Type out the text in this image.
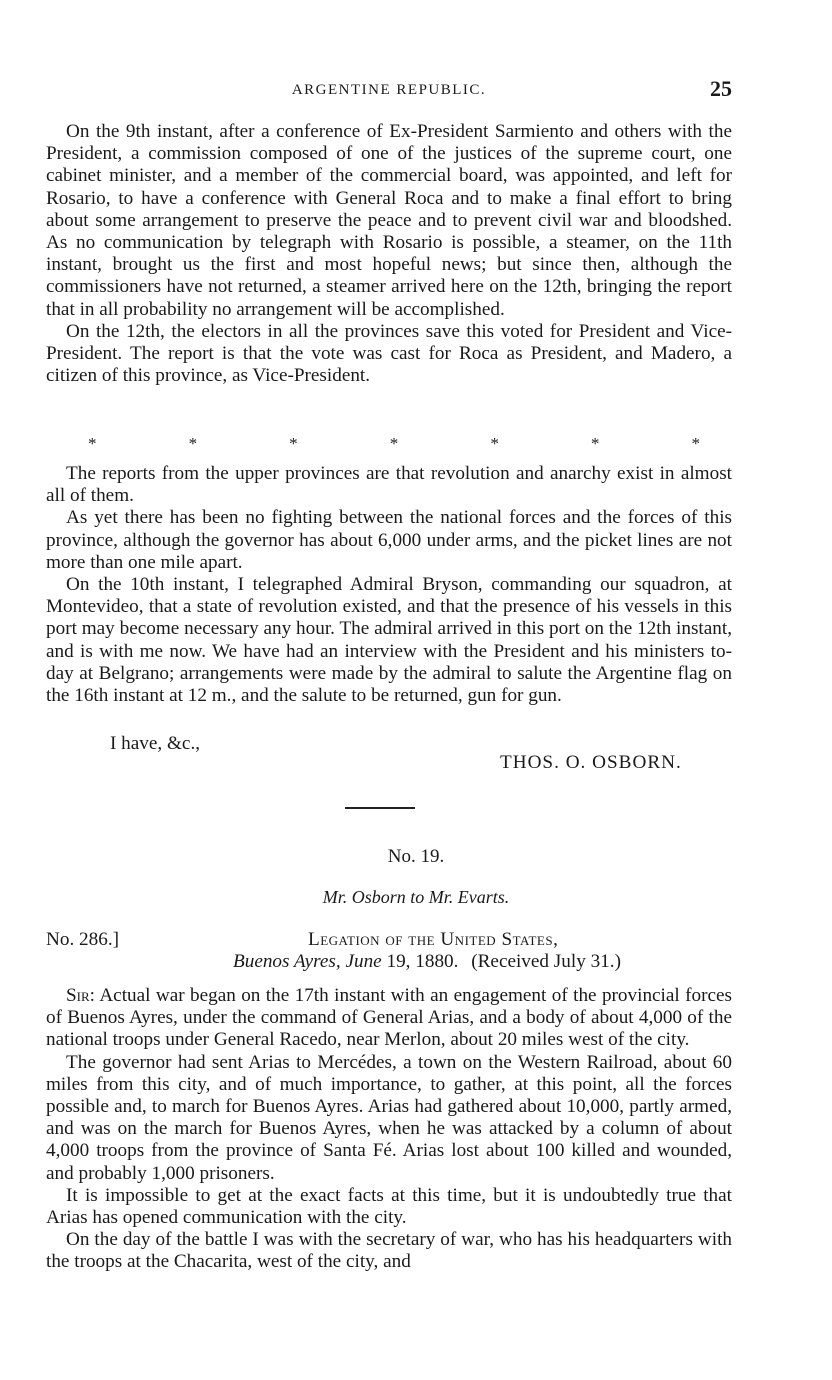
ARGENTINE REPUBLIC.	25

On the 9th instant, after a conference of Ex-President Sarmiento and others with the President, a commission composed of one of the justices of the supreme court, one cabinet minister, and a member of the commercial board, was appointed, and left for Rosario, to have a conference with General Roca and to make a final effort to bring about some arrangement to preserve the peace and to prevent civil war and bloodshed. As no communication by telegraph with Rosario is possible, a steamer, on the 11th instant, brought us the first and most hopeful news; but since then, although the commissioners have not returned, a steamer arrived here on the 12th, bringing the report that in all probability no arrangement will be accomplished.

On the 12th, the electors in all the provinces save this voted for President and Vice-President. The report is that the vote was cast for Roca as President, and Madero, a citizen of this province, as Vice-President.

*	*	*	*	*	*	*

The reports from the upper provinces are that revolution and anarchy exist in almost all of them.

As yet there has been no fighting between the national forces and the forces of this province, although the governor has about 6,000 under arms, and the picket lines are not more than one mile apart.

On the 10th instant, I telegraphed Admiral Bryson, commanding our squadron, at Montevideo, that a state of revolution existed, and that the presence of his vessels in this port may become necessary any hour. The admiral arrived in this port on the 12th instant, and is with me now. We have had an interview with the President and his ministers to-day at Belgrano; arrangements were made by the admiral to salute the Argentine flag on the 16th instant at 12 m., and the salute to be returned, gun for gun.

I have, &c.,
THOS. O. OSBORN.
No. 19.
Mr. Osborn to Mr. Evarts.
No. 286.]	Legation of the United States,
Buenos Ayres, June 19, 1880. (Received July 31.)

Sir: Actual war began on the 17th instant with an engagement of the provincial forces of Buenos Ayres, under the command of General Arias, and a body of about 4,000 of the national troops under General Racedo, near Merlon, about 20 miles west of the city.

The governor had sent Arias to Mercédes, a town on the Western Railroad, about 60 miles from this city, and of much importance, to gather, at this point, all the forces possible and, to march for Buenos Ayres. Arias had gathered about 10,000, partly armed, and was on the march for Buenos Ayres, when he was attacked by a column of about 4,000 troops from the province of Santa Fé. Arias lost about 100 killed and wounded, and probably 1,000 prisoners.

It is impossible to get at the exact facts at this time, but it is undoubtedly true that Arias has opened communication with the city.

On the day of the battle I was with the secretary of war, who has his headquarters with the troops at the Chacarita, west of the city, and
